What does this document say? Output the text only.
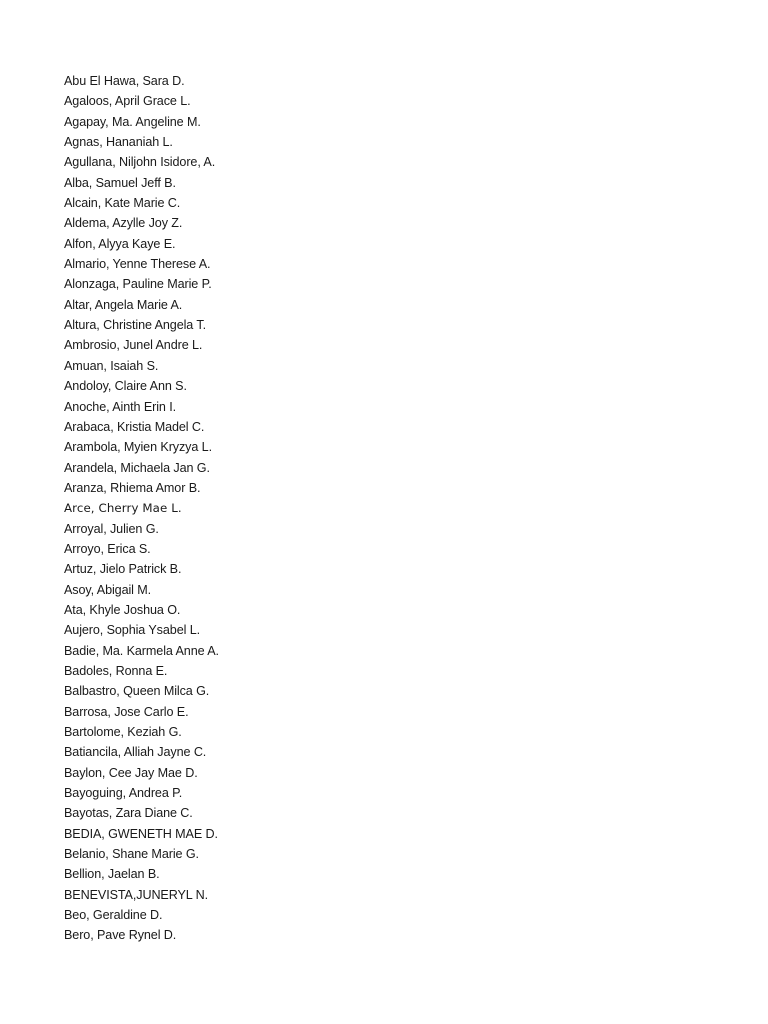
Abu El Hawa, Sara D.
Agaloos, April Grace L.
Agapay, Ma. Angeline M.
Agnas, Hananiah L.
Agullana, Niljohn Isidore, A.
Alba, Samuel Jeff B.
Alcain, Kate Marie C.
Aldema, Azylle Joy Z.
Alfon, Alyya Kaye E.
Almario, Yenne Therese A.
Alonzaga, Pauline Marie P.
Altar, Angela Marie A.
Altura, Christine Angela T.
Ambrosio, Junel Andre L.
Amuan, Isaiah S.
Andoloy, Claire Ann S.
Anoche, Ainth Erin I.
Arabaca, Kristia Madel C.
Arambola, Myien Kryzya L.
Arandela, Michaela Jan G.
Aranza, Rhiema Amor B.
Arce, Cherry Mae L.
Arroyal, Julien G.
Arroyo, Erica S.
Artuz, Jielo Patrick B.
Asoy, Abigail M.
Ata, Khyle Joshua O.
Aujero, Sophia Ysabel L.
Badie, Ma. Karmela Anne A.
Badoles, Ronna E.
Balbastro, Queen Milca G.
Barrosa, Jose Carlo E.
Bartolome, Keziah G.
Batiancila, Alliah Jayne C.
Baylon, Cee Jay Mae D.
Bayoguing, Andrea P.
Bayotas, Zara Diane C.
BEDIA, GWENETH MAE D.
Belanio, Shane Marie G.
Bellion, Jaelan B.
BENEVISTA,JUNERYL N.
Beo, Geraldine D.
Bero, Pave Rynel D.
